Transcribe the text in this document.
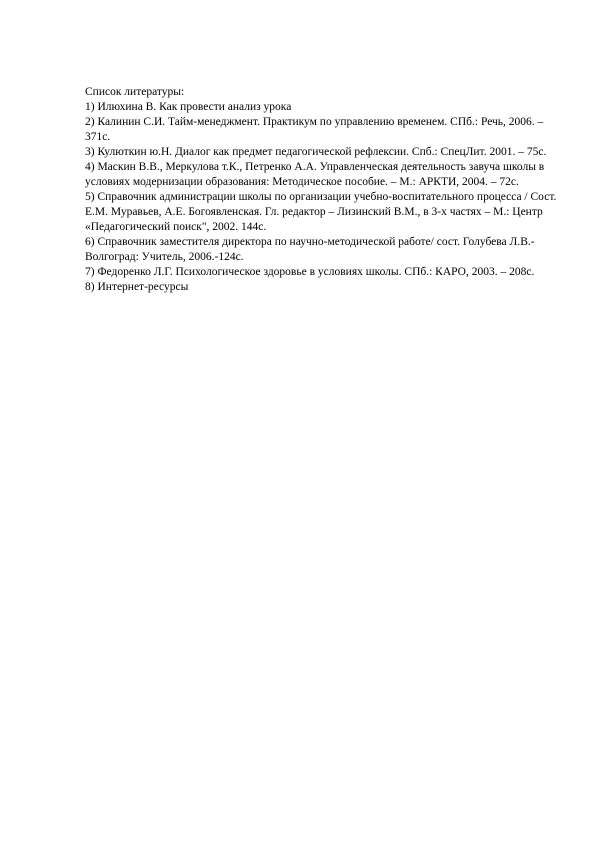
Список литературы:

1) Илюхина В. Как провести анализ урока
2) Калинин С.И. Тайм-менеджмент. Практикум по управлению временем. СПб.: Речь, 2006. – 371с.
3) Кулюткин ю.Н. Диалог как предмет педагогической рефлексии. Спб.: СпецЛит. 2001. – 75с.
4) Маскин В.В., Меркулова т.К., Петренко А.А. Управленческая деятельность завуча школы в условиях модернизации образования: Методическое пособие. – М.: АРКТИ, 2004. – 72с.
5) Справочник администрации школы по организации учебно-воспитательного процесса / Сост. Е.М. Муравьев, А.Е. Богоявленская. Гл. редактор – Лизинский В.М., в 3-х частях – М.: Центр «Педагогический поиск", 2002. 144с.
6) Справочник заместителя директора по научно-методической работе/ сост. Голубева Л.В.- Волгоград: Учитель, 2006.-124с.
7) Федоренко Л.Г. Психологическое здоровье в условиях школы. СПб.: КАРО, 2003. – 208с.
8) Интернет-ресурсы
